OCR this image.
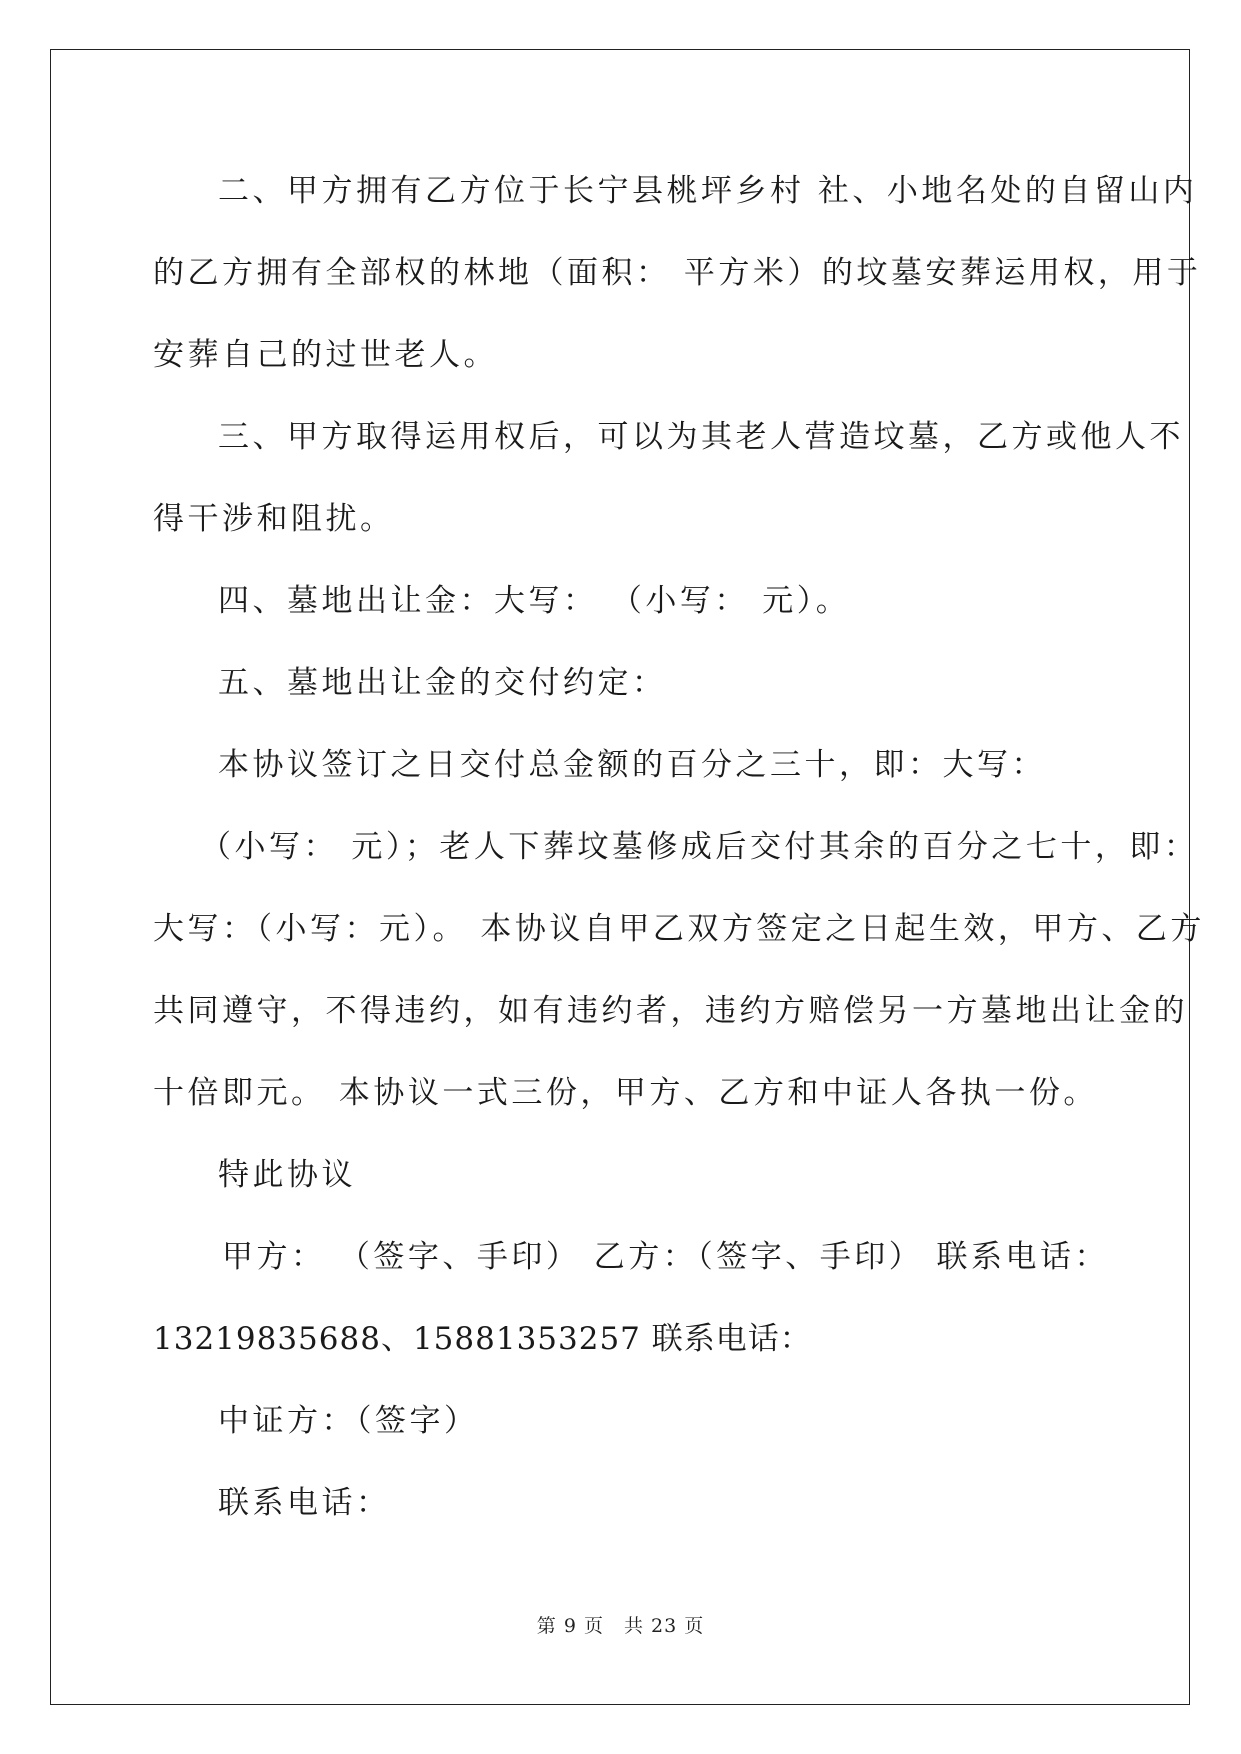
二、甲方拥有乙方位于长宁县桃坪乡村 社、小地名处的自留山内

的乙方拥有全部权的林地（面积： 平方米）的坟墓安葬运用权，用于

安葬自己的过世老人。

三、甲方取得运用权后，可以为其老人营造坟墓，乙方或他人不

得干涉和阻扰。

四、墓地出让金：大写： （小写： 元）。

五、墓地出让金的交付约定：

本协议签订之日交付总金额的百分之三十，即：大写：

（小写： 元）；老人下葬坟墓修成后交付其余的百分之七十，即：

大写：（小写：元）。 本协议自甲乙双方签定之日起生效，甲方、乙方

共同遵守，不得违约，如有违约者，违约方赔偿另一方墓地出让金的

十倍即元。 本协议一式三份，甲方、乙方和中证人各执一份。

特此协议

甲方： （签字、手印） 乙方：（签字、手印） 联系电话：

13219835688、15881353257 联系电话：

中证方：（签字）

联系电话：

第 9 页 共 23 页
